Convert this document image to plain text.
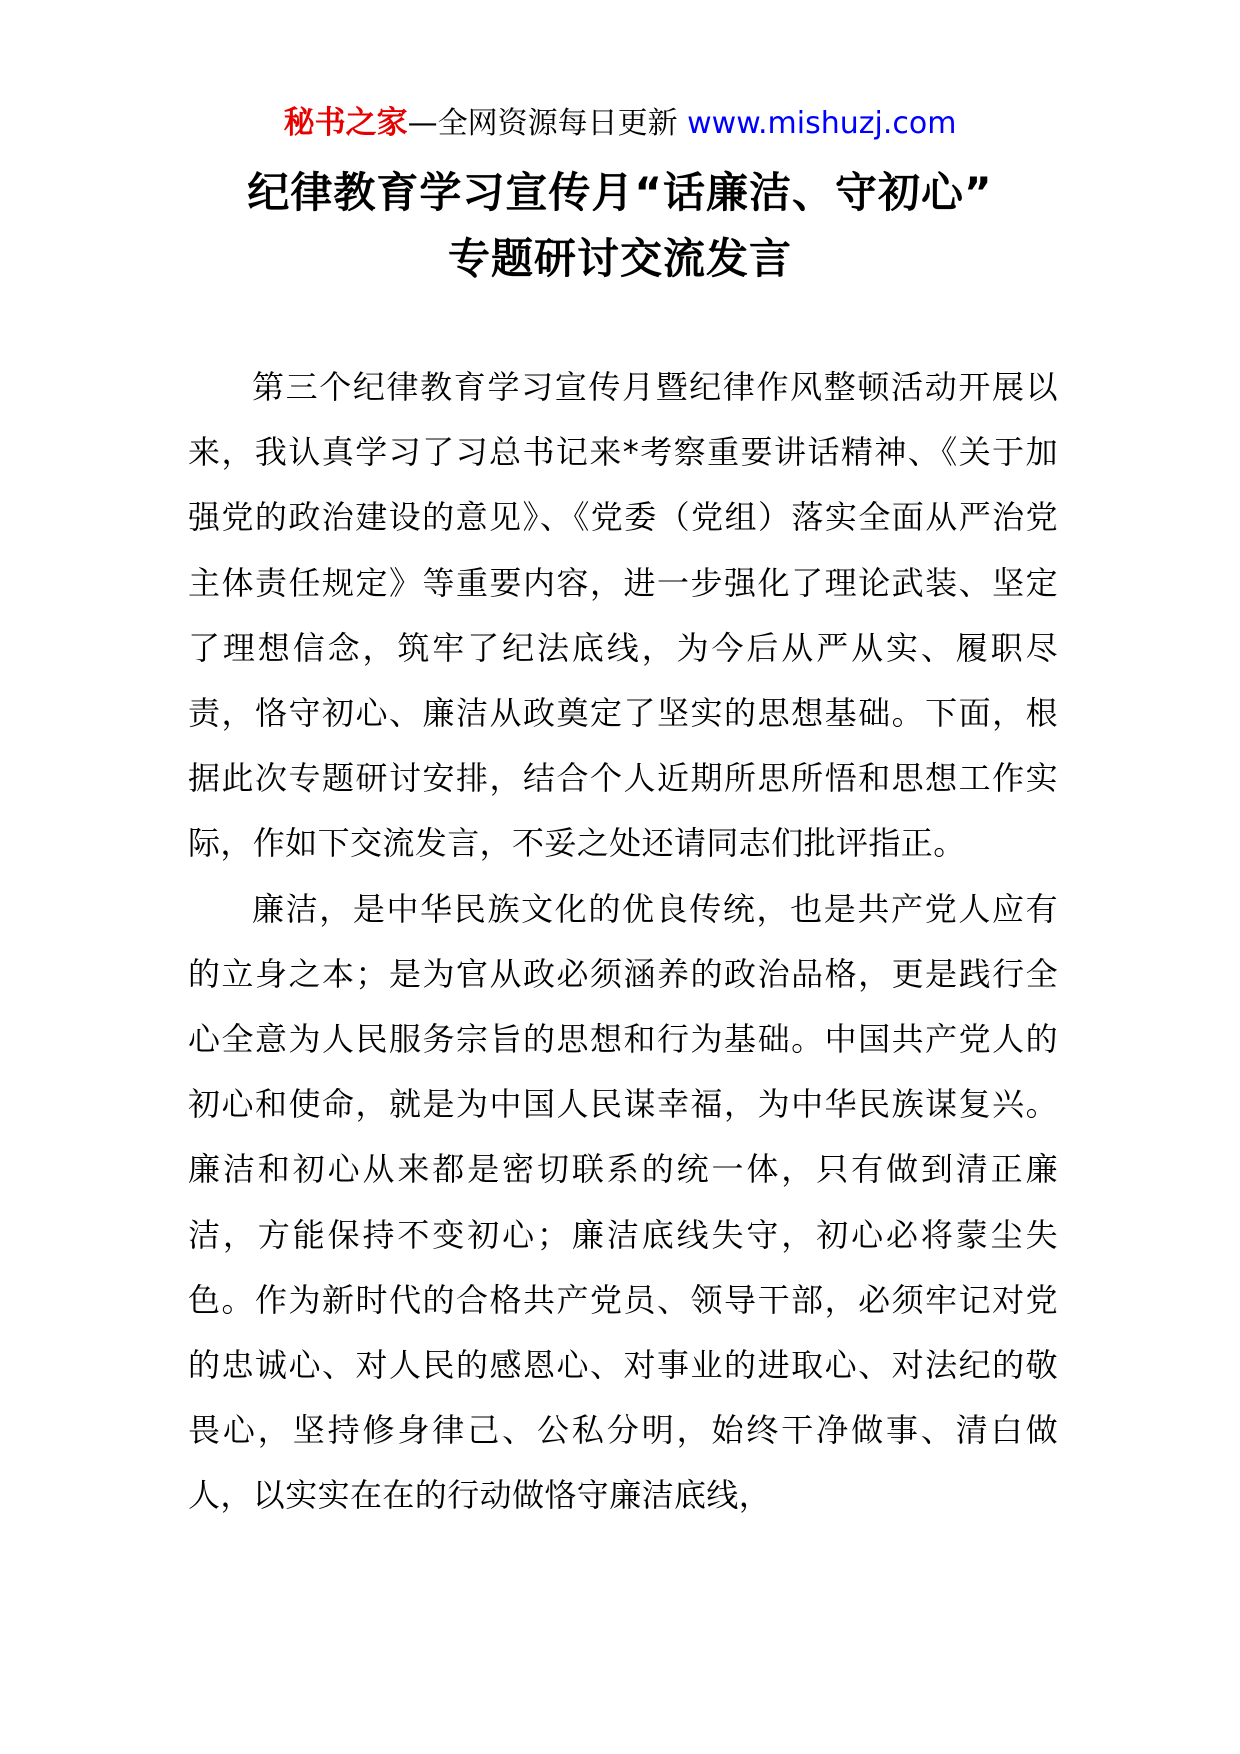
秘书之家—全网资源每日更新 www.mishuzj.com
纪律教育学习宣传月“话廉洁、守初心”
专题研讨交流发言

第三个纪律教育学习宣传月暨纪律作风整顿活动开展以来，我认真学习了习总书记来*考察重要讲话精神、《关于加强党的政治建设的意见》、《党委（党组）落实全面从严治党主体责任规定》等重要内容，进一步强化了理论武装、坚定了理想信念，筑牢了纪法底线，为今后从严从实、履职尽责，恪守初心、廉洁从政奠定了坚实的思想基础。下面，根据此次专题研讨安排，结合个人近期所思所悟和思想工作实际，作如下交流发言，不妥之处还请同志们批评指正。

廉洁，是中华民族文化的优良传统，也是共产党人应有的立身之本；是为官从政必须涵养的政治品格，更是践行全心全意为人民服务宗旨的思想和行为基础。中国共产党人的初心和使命，就是为中国人民谋幸福，为中华民族谋复兴。廉洁和初心从来都是密切联系的统一体，只有做到清正廉洁，方能保持不变初心；廉洁底线失守，初心必将蒙尘失色。作为新时代的合格共产党员、领导干部，必须牢记对党的忠诚心、对人民的感恩心、对事业的进取心、对法纪的敬畏心，坚持修身律己、公私分明，始终干净做事、清白做人，以实实在在的行动做恪守廉洁底线，
